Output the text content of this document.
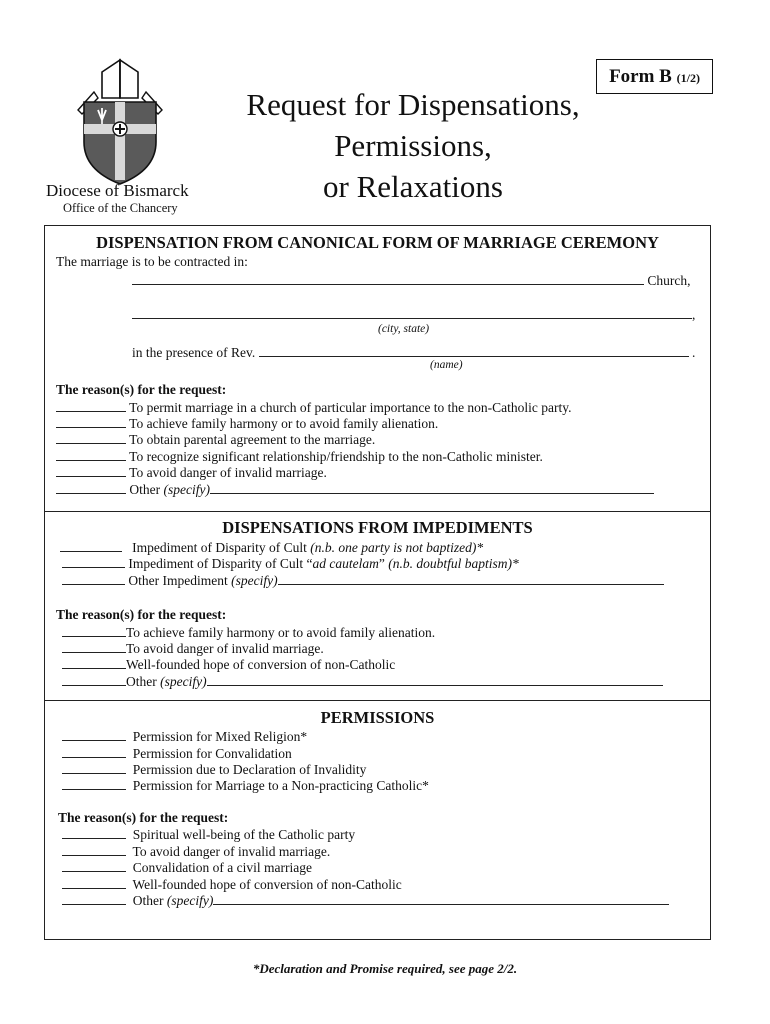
Diocese of Bismarck
Office of the Chancery
Request for Dispensations,
Permissions,
or Relaxations
Form B (1/2)
DISPENSATION FROM CANONICAL FORM OF MARRIAGE CEREMONY
The marriage is to be contracted in:
Church,
,
(city, state)
in the presence of Rev.	.
(name)
The reason(s) for the request:
To permit marriage in a church of particular importance to the non-Catholic party.
To achieve family harmony or to avoid family alienation.
To obtain parental agreement to the marriage.
To recognize significant relationship/friendship to the non-Catholic minister.
To avoid danger of invalid marriage.
Other (specify)
DISPENSATIONS FROM IMPEDIMENTS
Impediment of Disparity of Cult (n.b. one party is not baptized)*
Impediment of Disparity of Cult “ad cautelam” (n.b. doubtful baptism)*
Other Impediment (specify)
The reason(s) for the request:
To achieve family harmony or to avoid family alienation.
To avoid danger of invalid marriage.
Well-founded hope of conversion of non-Catholic
Other (specify)
PERMISSIONS
Permission for Mixed Religion*
Permission for Convalidation
Permission due to Declaration of Invalidity
Permission for Marriage to a Non-practicing Catholic*
The reason(s) for the request:
Spiritual well-being of the Catholic party
To avoid danger of invalid marriage.
Convalidation of a civil marriage
Well-founded hope of conversion of non-Catholic
Other (specify)
*Declaration and Promise required, see page 2/2.
